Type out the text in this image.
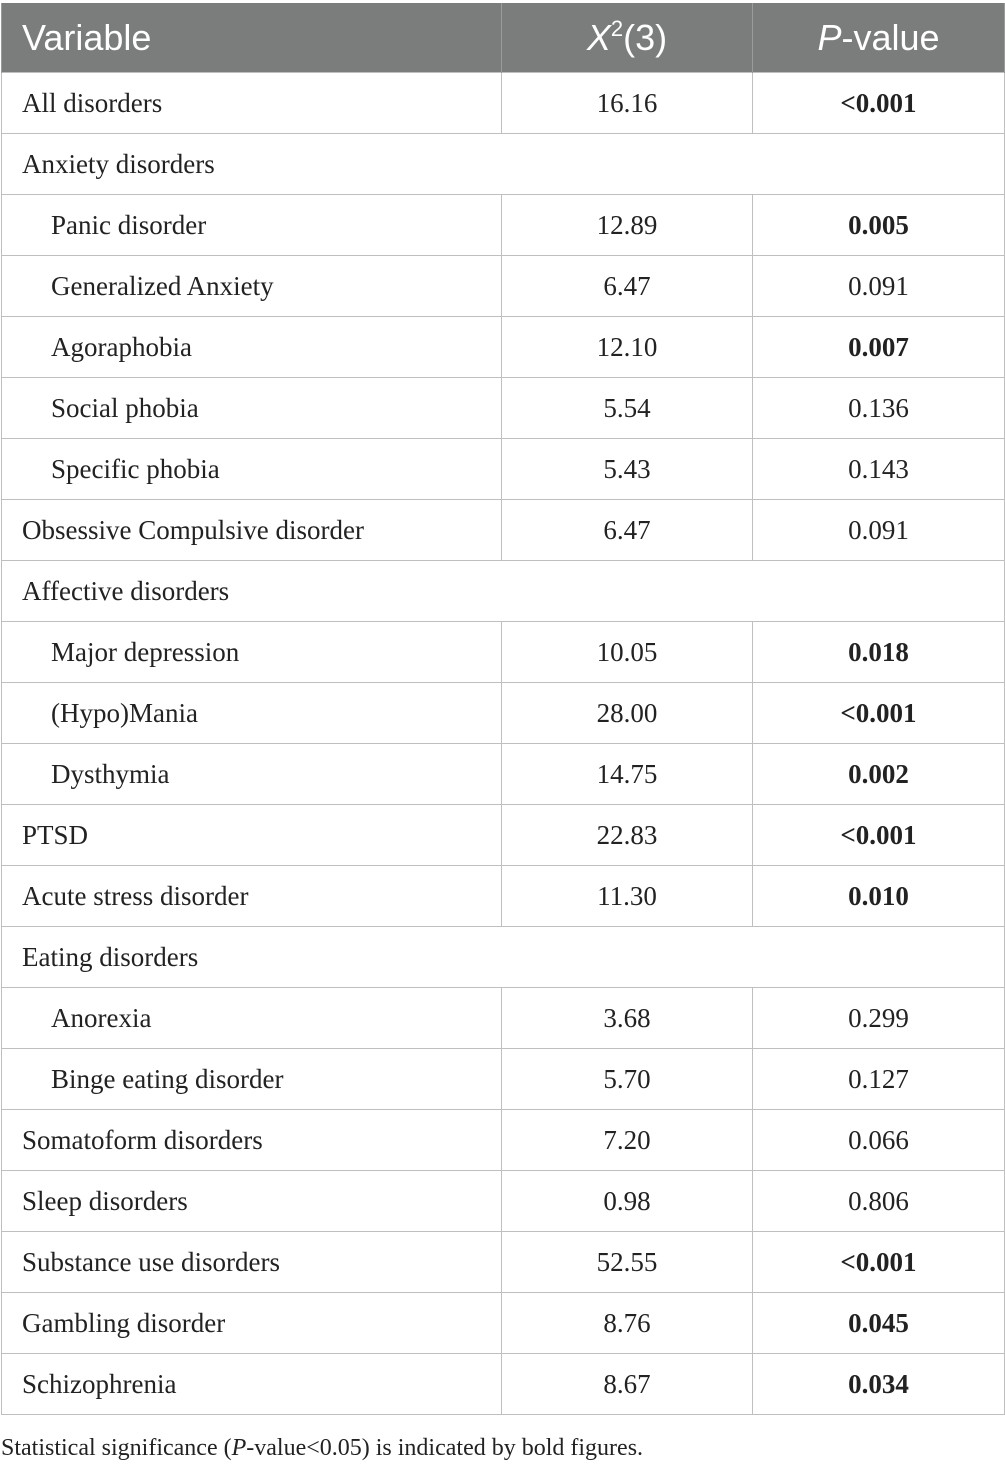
Variable	$X^2(3)$	P-value
All disorders	16.16	<0.001
Anxiety disorders		
Panic disorder	12.89	0.005
Generalized Anxiety	6.47	0.091
Agoraphobia	12.10	0.007
Social phobia	5.54	0.136
Specific phobia	5.43	0.143
Obsessive Compulsive disorder	6.47	0.091
Affective disorders		
Major depression	10.05	0.018
(Hypo)Mania	28.00	<0.001
Dysthymia	14.75	0.002
PTSD	22.83	<0.001
Acute stress disorder	11.30	0.010
Eating disorders		
Anorexia	3.68	0.299
Binge eating disorder	5.70	0.127
Somatoform disorders	7.20	0.066
Sleep disorders	0.98	0.806
Substance use disorders	52.55	<0.001
Gambling disorder	8.76	0.045
Schizophrenia	8.67	0.034
Statistical significance (P-value<0.05) is indicated by bold figures.
